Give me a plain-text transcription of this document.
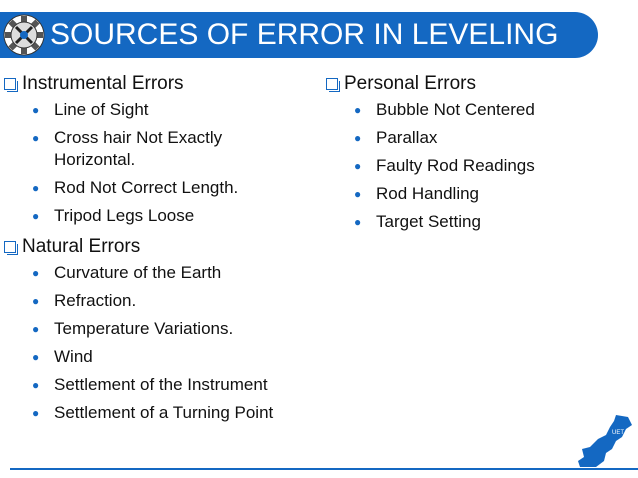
SOURCES OF ERROR IN LEVELING
Instrumental Errors
● Line of Sight
● Cross hair Not Exactly Horizontal.
● Rod Not Correct Length.
● Tripod Legs Loose
Natural Errors
● Curvature of the Earth
● Refraction.
● Temperature Variations.
● Wind
● Settlement of the Instrument
● Settlement of a Turning Point
Personal Errors
● Bubble Not Centered
● Parallax
● Faulty Rod Readings
● Rod Handling
● Target Setting
UET
